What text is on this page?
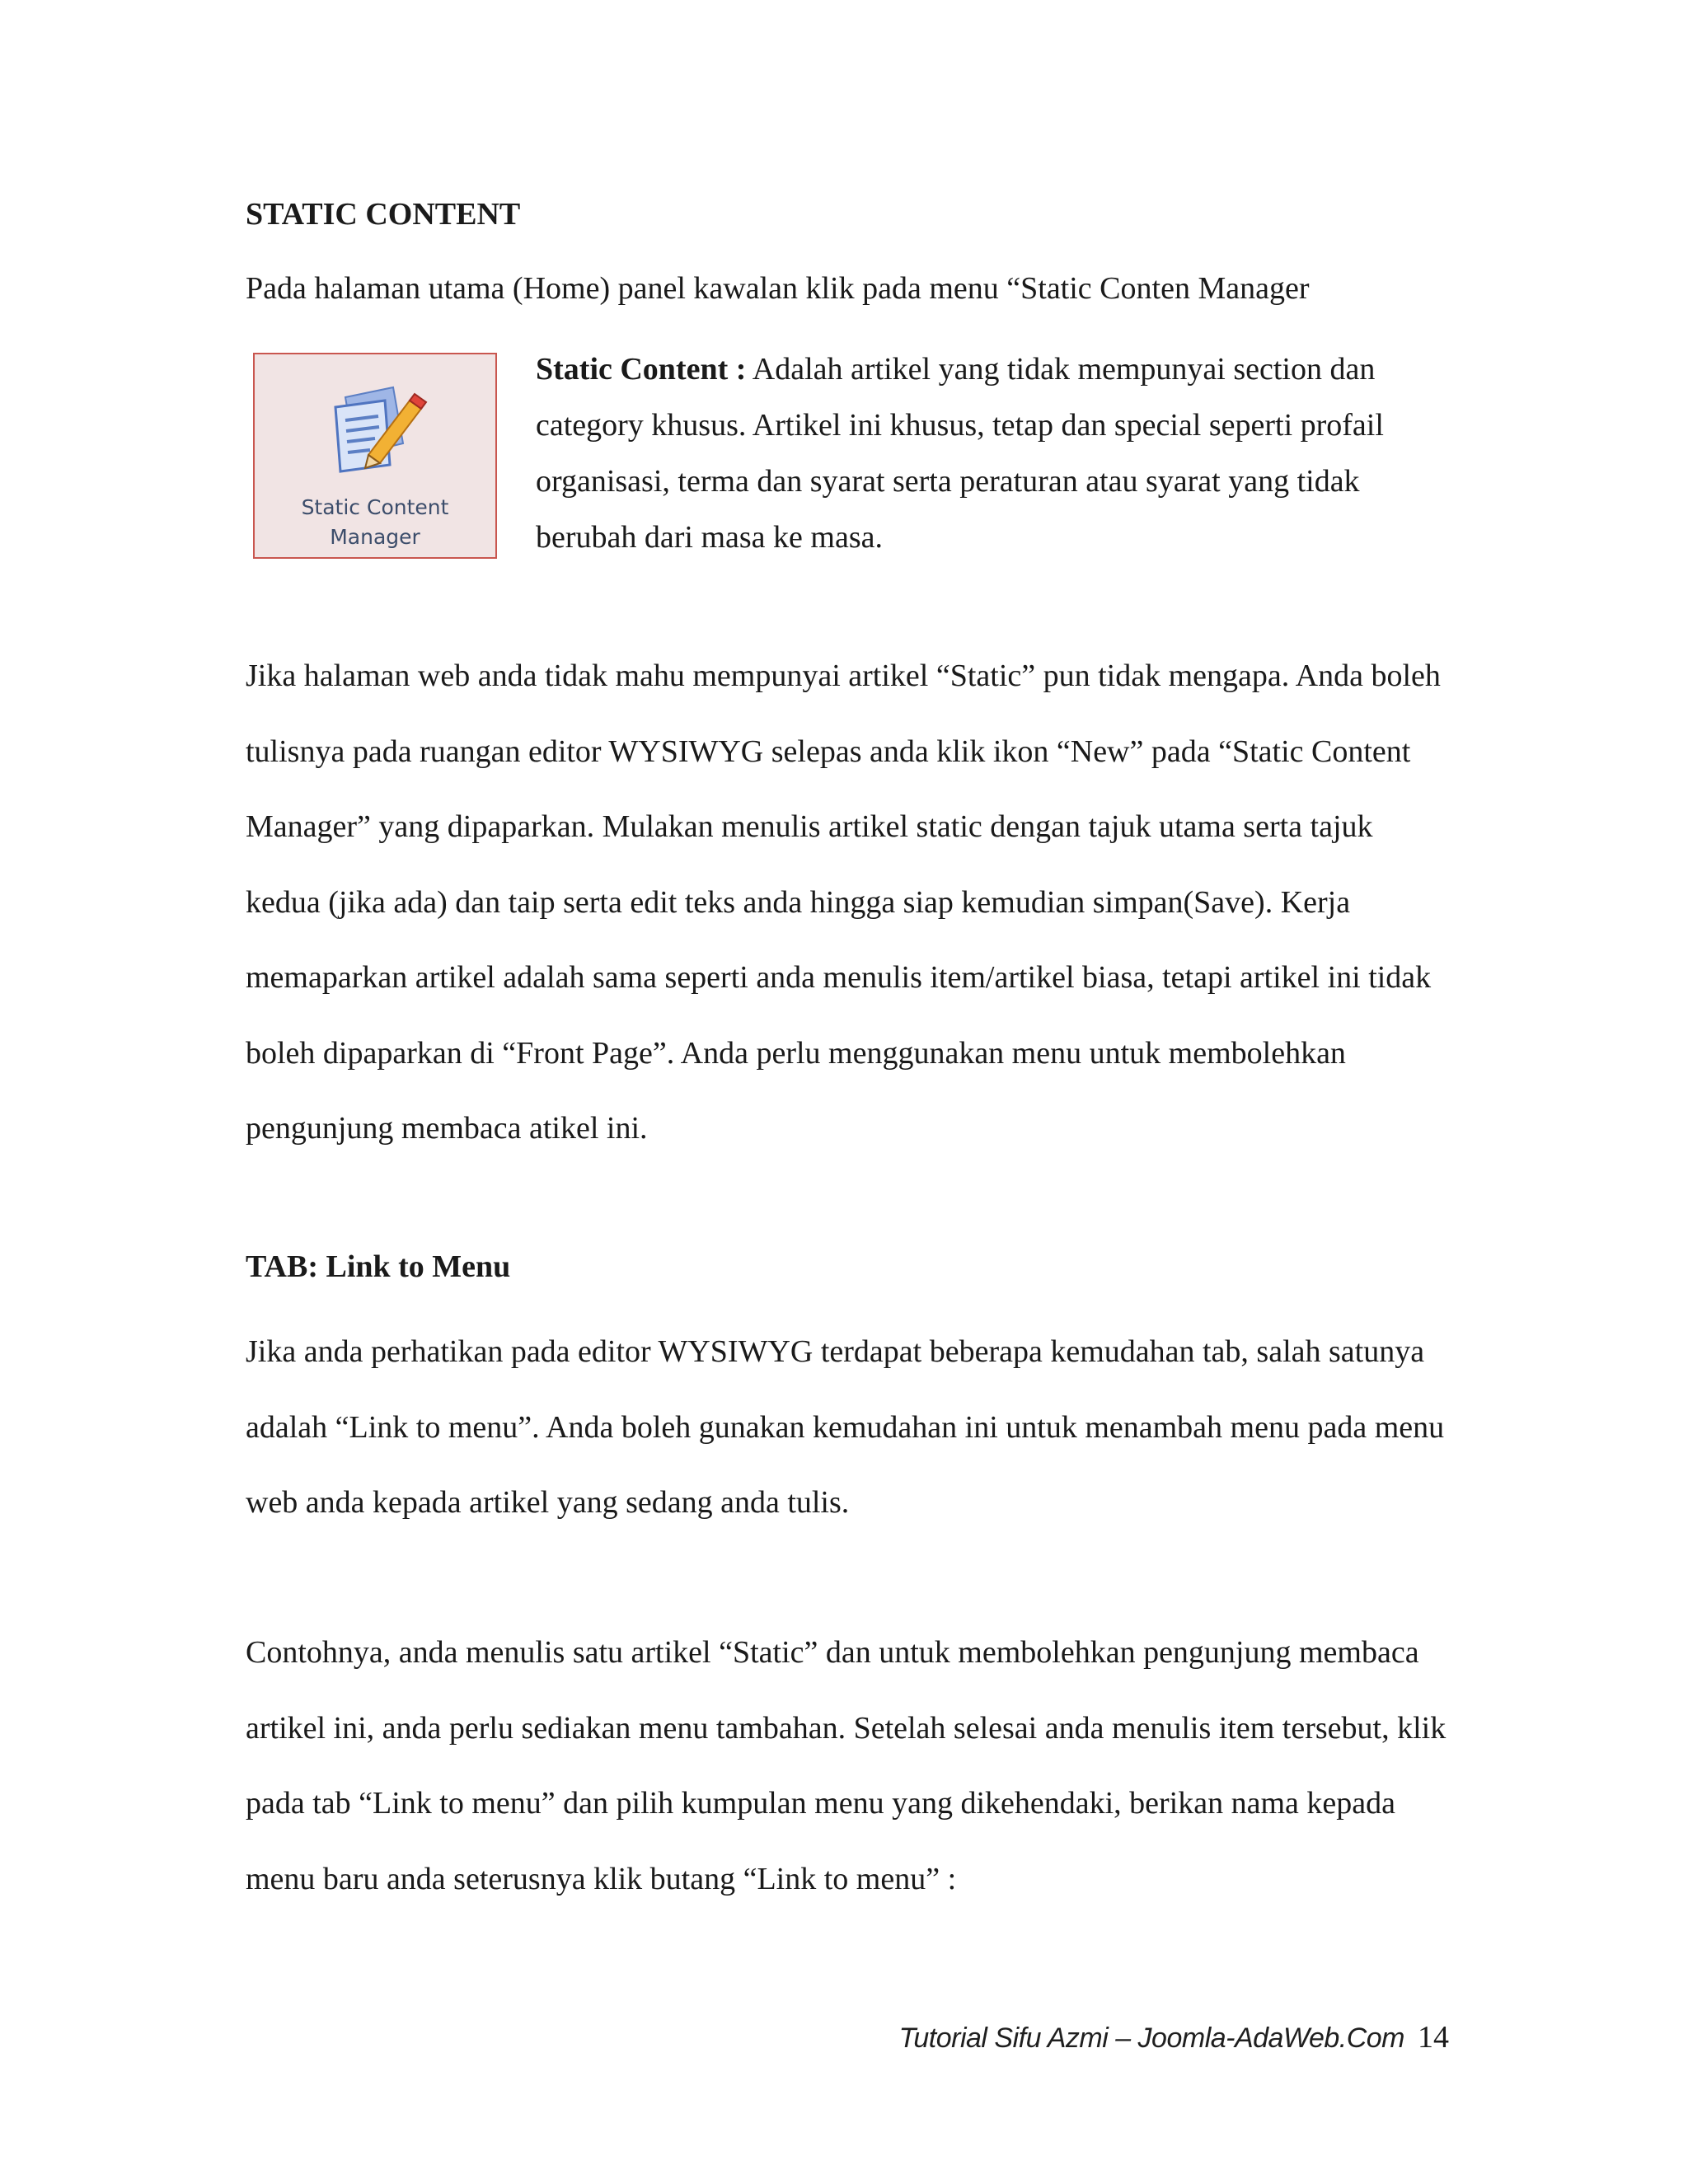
STATIC CONTENT
Pada halaman utama (Home) panel kawalan klik pada menu “Static Conten Manager
Static Content
Manager
Static Content : Adalah artikel yang tidak mempunyai section dan category khusus. Artikel ini khusus, tetap dan special seperti profail organisasi, terma dan syarat serta peraturan atau syarat yang tidak berubah dari masa ke masa.
Jika halaman web anda tidak mahu mempunyai artikel “Static” pun tidak mengapa. Anda boleh tulisnya pada ruangan editor WYSIWYG selepas anda klik ikon “New” pada “Static Content Manager” yang dipaparkan. Mulakan menulis artikel static dengan tajuk utama serta tajuk kedua (jika ada) dan taip serta edit teks anda hingga siap kemudian simpan(Save). Kerja memaparkan artikel adalah sama seperti anda menulis item/artikel biasa, tetapi artikel ini tidak boleh dipaparkan di “Front Page”. Anda perlu menggunakan menu untuk membolehkan pengunjung membaca atikel ini.
TAB: Link to Menu
Jika anda perhatikan pada editor WYSIWYG terdapat beberapa kemudahan tab, salah satunya adalah “Link to menu”. Anda boleh gunakan kemudahan ini untuk menambah menu pada menu web anda kepada artikel yang sedang anda tulis.
Contohnya, anda menulis satu artikel “Static” dan untuk membolehkan pengunjung membaca artikel ini, anda perlu sediakan menu tambahan. Setelah selesai anda menulis item tersebut, klik pada tab “Link to menu” dan pilih kumpulan menu yang dikehendaki, berikan nama kepada menu baru anda seterusnya klik butang “Link to menu” :
Tutorial Sifu Azmi – Joomla-AdaWeb.Com 14
